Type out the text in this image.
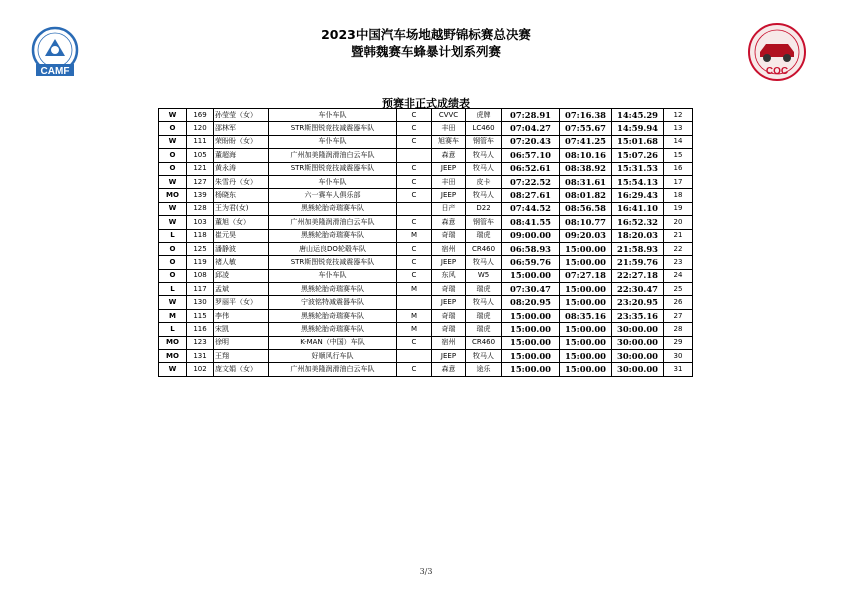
CAMF	COC
2023中国汽车场地越野锦标赛总决赛
暨韩魏赛车蜂暴计划系列赛
预赛非正式成绩表
W	169	孙莹莹（女）	车仆车队	C	CVVC	虎牌	07:28.91	07:16.38	14:45.29	12
O	120	邵林军	STR斯图锐竞技减震器车队	C	丰田	LC460	07:04.27	07:55.67	14:59.94	13
W	111	荣盼盼（女）	车仆车队	C	旭赛车	钢管车	07:20.43	07:41.25	15:01.68	14
O	105	董超海	广州加美隆润滑油白云车队		森意	牧马人	06:57.10	08:10.16	15:07.26	15
O	121	黄永涛	STR斯图锐竞技减震器车队	C	JEEP	牧马人	06:52.61	08:38.92	15:31.53	16
W	127	朱雪丹（女）	车仆车队	C	丰田	皮卡	07:22.52	08:31.61	15:54.13	17
MO	139	杨晓东	六一赛车人俱乐部	C	JEEP	牧马人	08:27.61	08:01.82	16:29.43	18
W	128	王为君(女)	黑熊轮胎奇瑞赛车队		日产	D22	07:44.52	08:56.58	16:41.10	19
W	103	董旭（女）	广州加美隆润滑油白云车队	C	森意	钢管车	08:41.55	08:10.77	16:52.32	20
L	118	崔元昊	黑熊轮胎奇瑞赛车队	M	奇瑞	瑞虎	09:00.00	09:20.03	18:20.03	21
O	125	潘静波	唐山运良DO轮毂车队	C	宿州	CR460	06:58.93	15:00.00	21:58.93	22
O	119	褚人敏	STR斯图锐竞技减震器车队	C	JEEP	牧马人	06:59.76	15:00.00	21:59.76	23
O	108	邱凌	车仆车队	C	东风	W5	15:00.00	07:27.18	22:27.18	24
L	117	孟斌	黑熊轮胎奇瑞赛车队	M	奇瑞	瑞虎	07:30.47	15:00.00	22:30.47	25
W	130	罗丽平（女）	宁波铭特减震器车队		JEEP	牧马人	08:20.95	15:00.00	23:20.95	26
M	115	李伟	黑熊轮胎奇瑞赛车队	M	奇瑞	瑞虎	15:00.00	08:35.16	23:35.16	27
L	116	宋凯	黑熊轮胎奇瑞赛车队	M	奇瑞	瑞虎	15:00.00	15:00.00	30:00.00	28
MO	123	徐明	K-MAN（中国）车队	C	宿州	CR460	15:00.00	15:00.00	30:00.00	29
MO	131	王翔	好顺风行车队		JEEP	牧马人	15:00.00	15:00.00	30:00.00	30
W	102	庞文娟（女）	广州加美隆润滑油白云车队	C	森意	途乐	15:00.00	15:00.00	30:00.00	31
3/3
